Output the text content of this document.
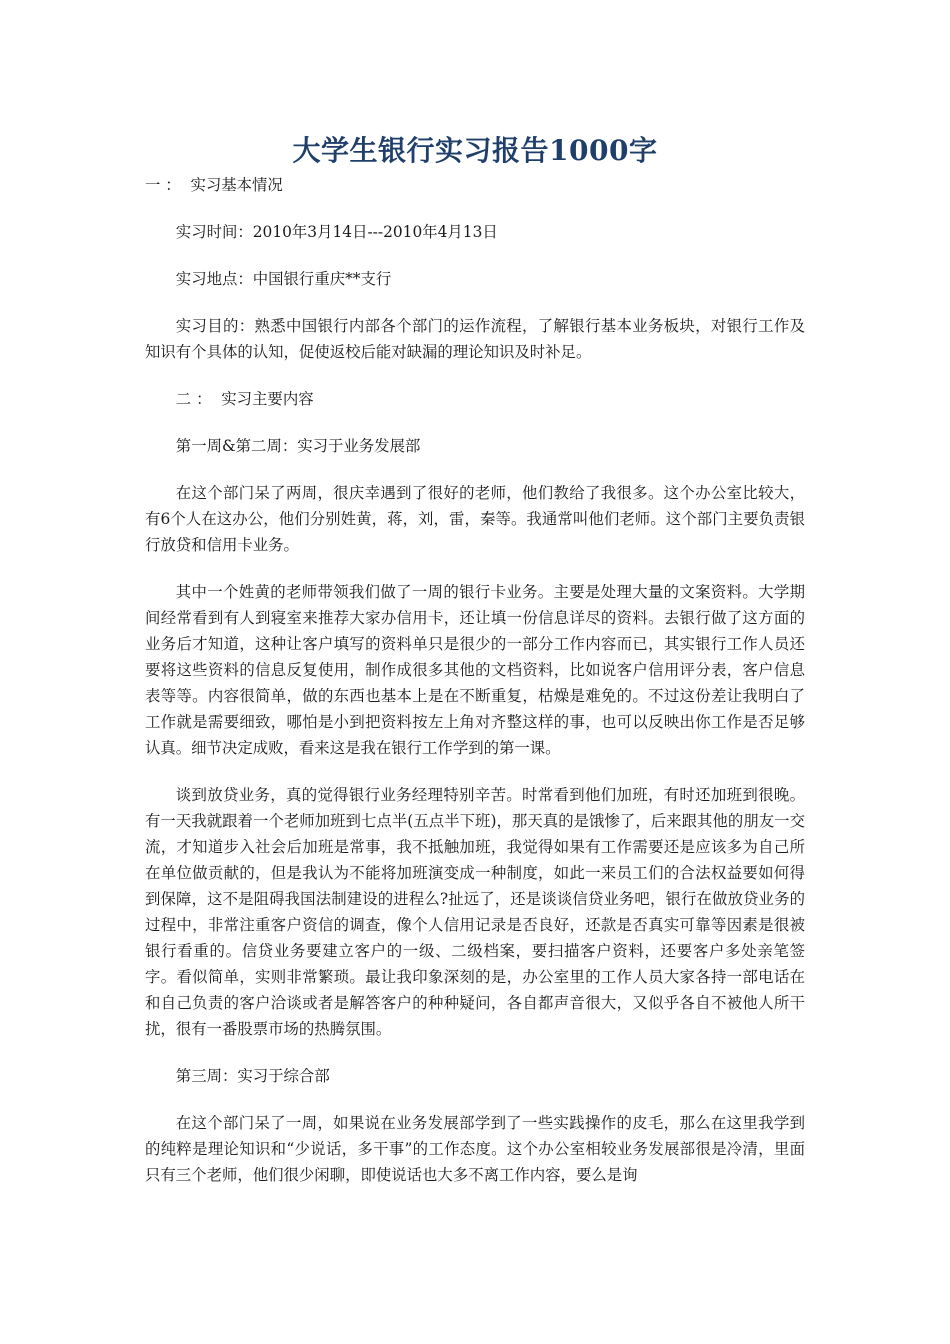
大学生银行实习报告1000字

一 ：  实习基本情况

实习时间：2010年3月14日---2010年4月13日

实习地点：中国银行重庆**支行

实习目的：熟悉中国银行内部各个部门的运作流程，了解银行基本业务板块，对银行工作及知识有个具体的认知，促使返校后能对缺漏的理论知识及时补足。

二 ：  实习主要内容

第一周&第二周：实习于业务发展部

在这个部门呆了两周，很庆幸遇到了很好的老师，他们教给了我很多。这个办公室比较大，有6个人在这办公，他们分别姓黄，蒋，刘，雷，秦等。我通常叫他们老师。这个部门主要负责银行放贷和信用卡业务。

其中一个姓黄的老师带领我们做了一周的银行卡业务。主要是处理大量的文案资料。大学期间经常看到有人到寝室来推荐大家办信用卡，还让填一份信息详尽的资料。去银行做了这方面的业务后才知道，这种让客户填写的资料单只是很少的一部分工作内容而已，其实银行工作人员还要将这些资料的信息反复使用，制作成很多其他的文档资料，比如说客户信用评分表，客户信息表等等。内容很简单，做的东西也基本上是在不断重复，枯燥是难免的。不过这份差让我明白了工作就是需要细致，哪怕是小到把资料按左上角对齐整这样的事，也可以反映出你工作是否足够认真。细节决定成败，看来这是我在银行工作学到的第一课。

谈到放贷业务，真的觉得银行业务经理特别辛苦。时常看到他们加班，有时还加班到很晚。有一天我就跟着一个老师加班到七点半(五点半下班)，那天真的是饿惨了，后来跟其他的朋友一交流，才知道步入社会后加班是常事，我不抵触加班，我觉得如果有工作需要还是应该多为自己所在单位做贡献的，但是我认为不能将加班演变成一种制度，如此一来员工们的合法权益要如何得到保障，这不是阻碍我国法制建设的进程么?扯远了，还是谈谈信贷业务吧，银行在做放贷业务的过程中，非常注重客户资信的调查，像个人信用记录是否良好，还款是否真实可靠等因素是很被银行看重的。信贷业务要建立客户的一级、二级档案，要扫描客户资料，还要客户多处亲笔签字。看似简单，实则非常繁琐。最让我印象深刻的是，办公室里的工作人员大家各持一部电话在和自己负责的客户洽谈或者是解答客户的种种疑问，各自都声音很大，又似乎各自不被他人所干扰，很有一番股票市场的热腾氛围。

第三周：实习于综合部

在这个部门呆了一周，如果说在业务发展部学到了一些实践操作的皮毛，那么在这里我学到的纯粹是理论知识和“少说话，多干事”的工作态度。这个办公室相较业务发展部很是冷清，里面只有三个老师，他们很少闲聊，即使说话也大多不离工作内容，要么是询
